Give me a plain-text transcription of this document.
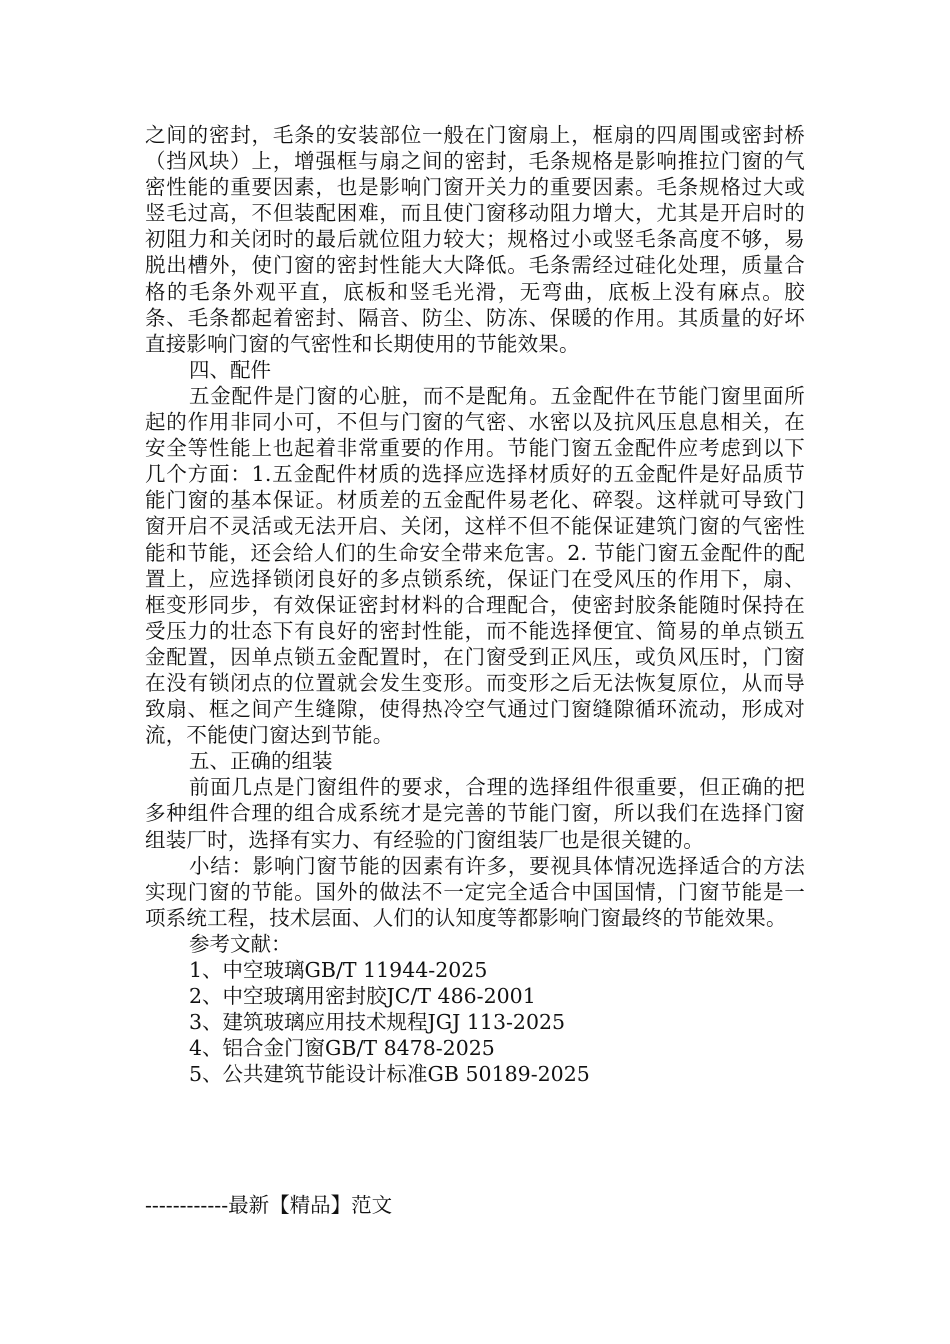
之间的密封，毛条的安装部位一般在门窗扇上，框扇的四周围或密封桥（挡风块）上，增强框与扇之间的密封，毛条规格是影响推拉门窗的气密性能的重要因素，也是影响门窗开关力的重要因素。毛条规格过大或竖毛过高，不但装配困难，而且使门窗移动阻力增大，尤其是开启时的初阻力和关闭时的最后就位阻力较大；规格过小或竖毛条高度不够，易脱出槽外，使门窗的密封性能大大降低。毛条需经过硅化处理，质量合格的毛条外观平直，底板和竖毛光滑，无弯曲，底板上没有麻点。胶条、毛条都起着密封、隔音、防尘、防冻、保暖的作用。其质量的好坏直接影响门窗的气密性和长期使用的节能效果。

四、配件

五金配件是门窗的心脏，而不是配角。五金配件在节能门窗里面所起的作用非同小可，不但与门窗的气密、水密以及抗风压息息相关，在安全等性能上也起着非常重要的作用。节能门窗五金配件应考虑到以下几个方面：1.五金配件材质的选择应选择材质好的五金配件是好品质节能门窗的基本保证。材质差的五金配件易老化、碎裂。这样就可导致门窗开启不灵活或无法开启、关闭，这样不但不能保证建筑门窗的气密性能和节能，还会给人们的生命安全带来危害。2. 节能门窗五金配件的配置上，应选择锁闭良好的多点锁系统，保证门在受风压的作用下，扇、框变形同步，有效保证密封材料的合理配合，使密封胶条能随时保持在受压力的壮态下有良好的密封性能，而不能选择便宜、简易的单点锁五金配置，因单点锁五金配置时，在门窗受到正风压，或负风压时，门窗在没有锁闭点的位置就会发生变形。而变形之后无法恢复原位，从而导致扇、框之间产生缝隙，使得热冷空气通过门窗缝隙循环流动，形成对流，不能使门窗达到节能。

五、正确的组装

前面几点是门窗组件的要求，合理的选择组件很重要，但正确的把多种组件合理的组合成系统才是完善的节能门窗，所以我们在选择门窗组装厂时，选择有实力、有经验的门窗组装厂也是很关键的。

小结：影响门窗节能的因素有许多，要视具体情况选择适合的方法实现门窗的节能。国外的做法不一定完全适合中国国情，门窗节能是一项系统工程，技术层面、人们的认知度等都影响门窗最终的节能效果。

参考文献：

1、中空玻璃GB/T 11944-2025
2、中空玻璃用密封胶JC/T 486-2001
3、建筑玻璃应用技术规程JGJ 113-2025
4、铝合金门窗GB/T 8478-2025
5、公共建筑节能设计标准GB 50189-2025
------------最新【精品】范文
